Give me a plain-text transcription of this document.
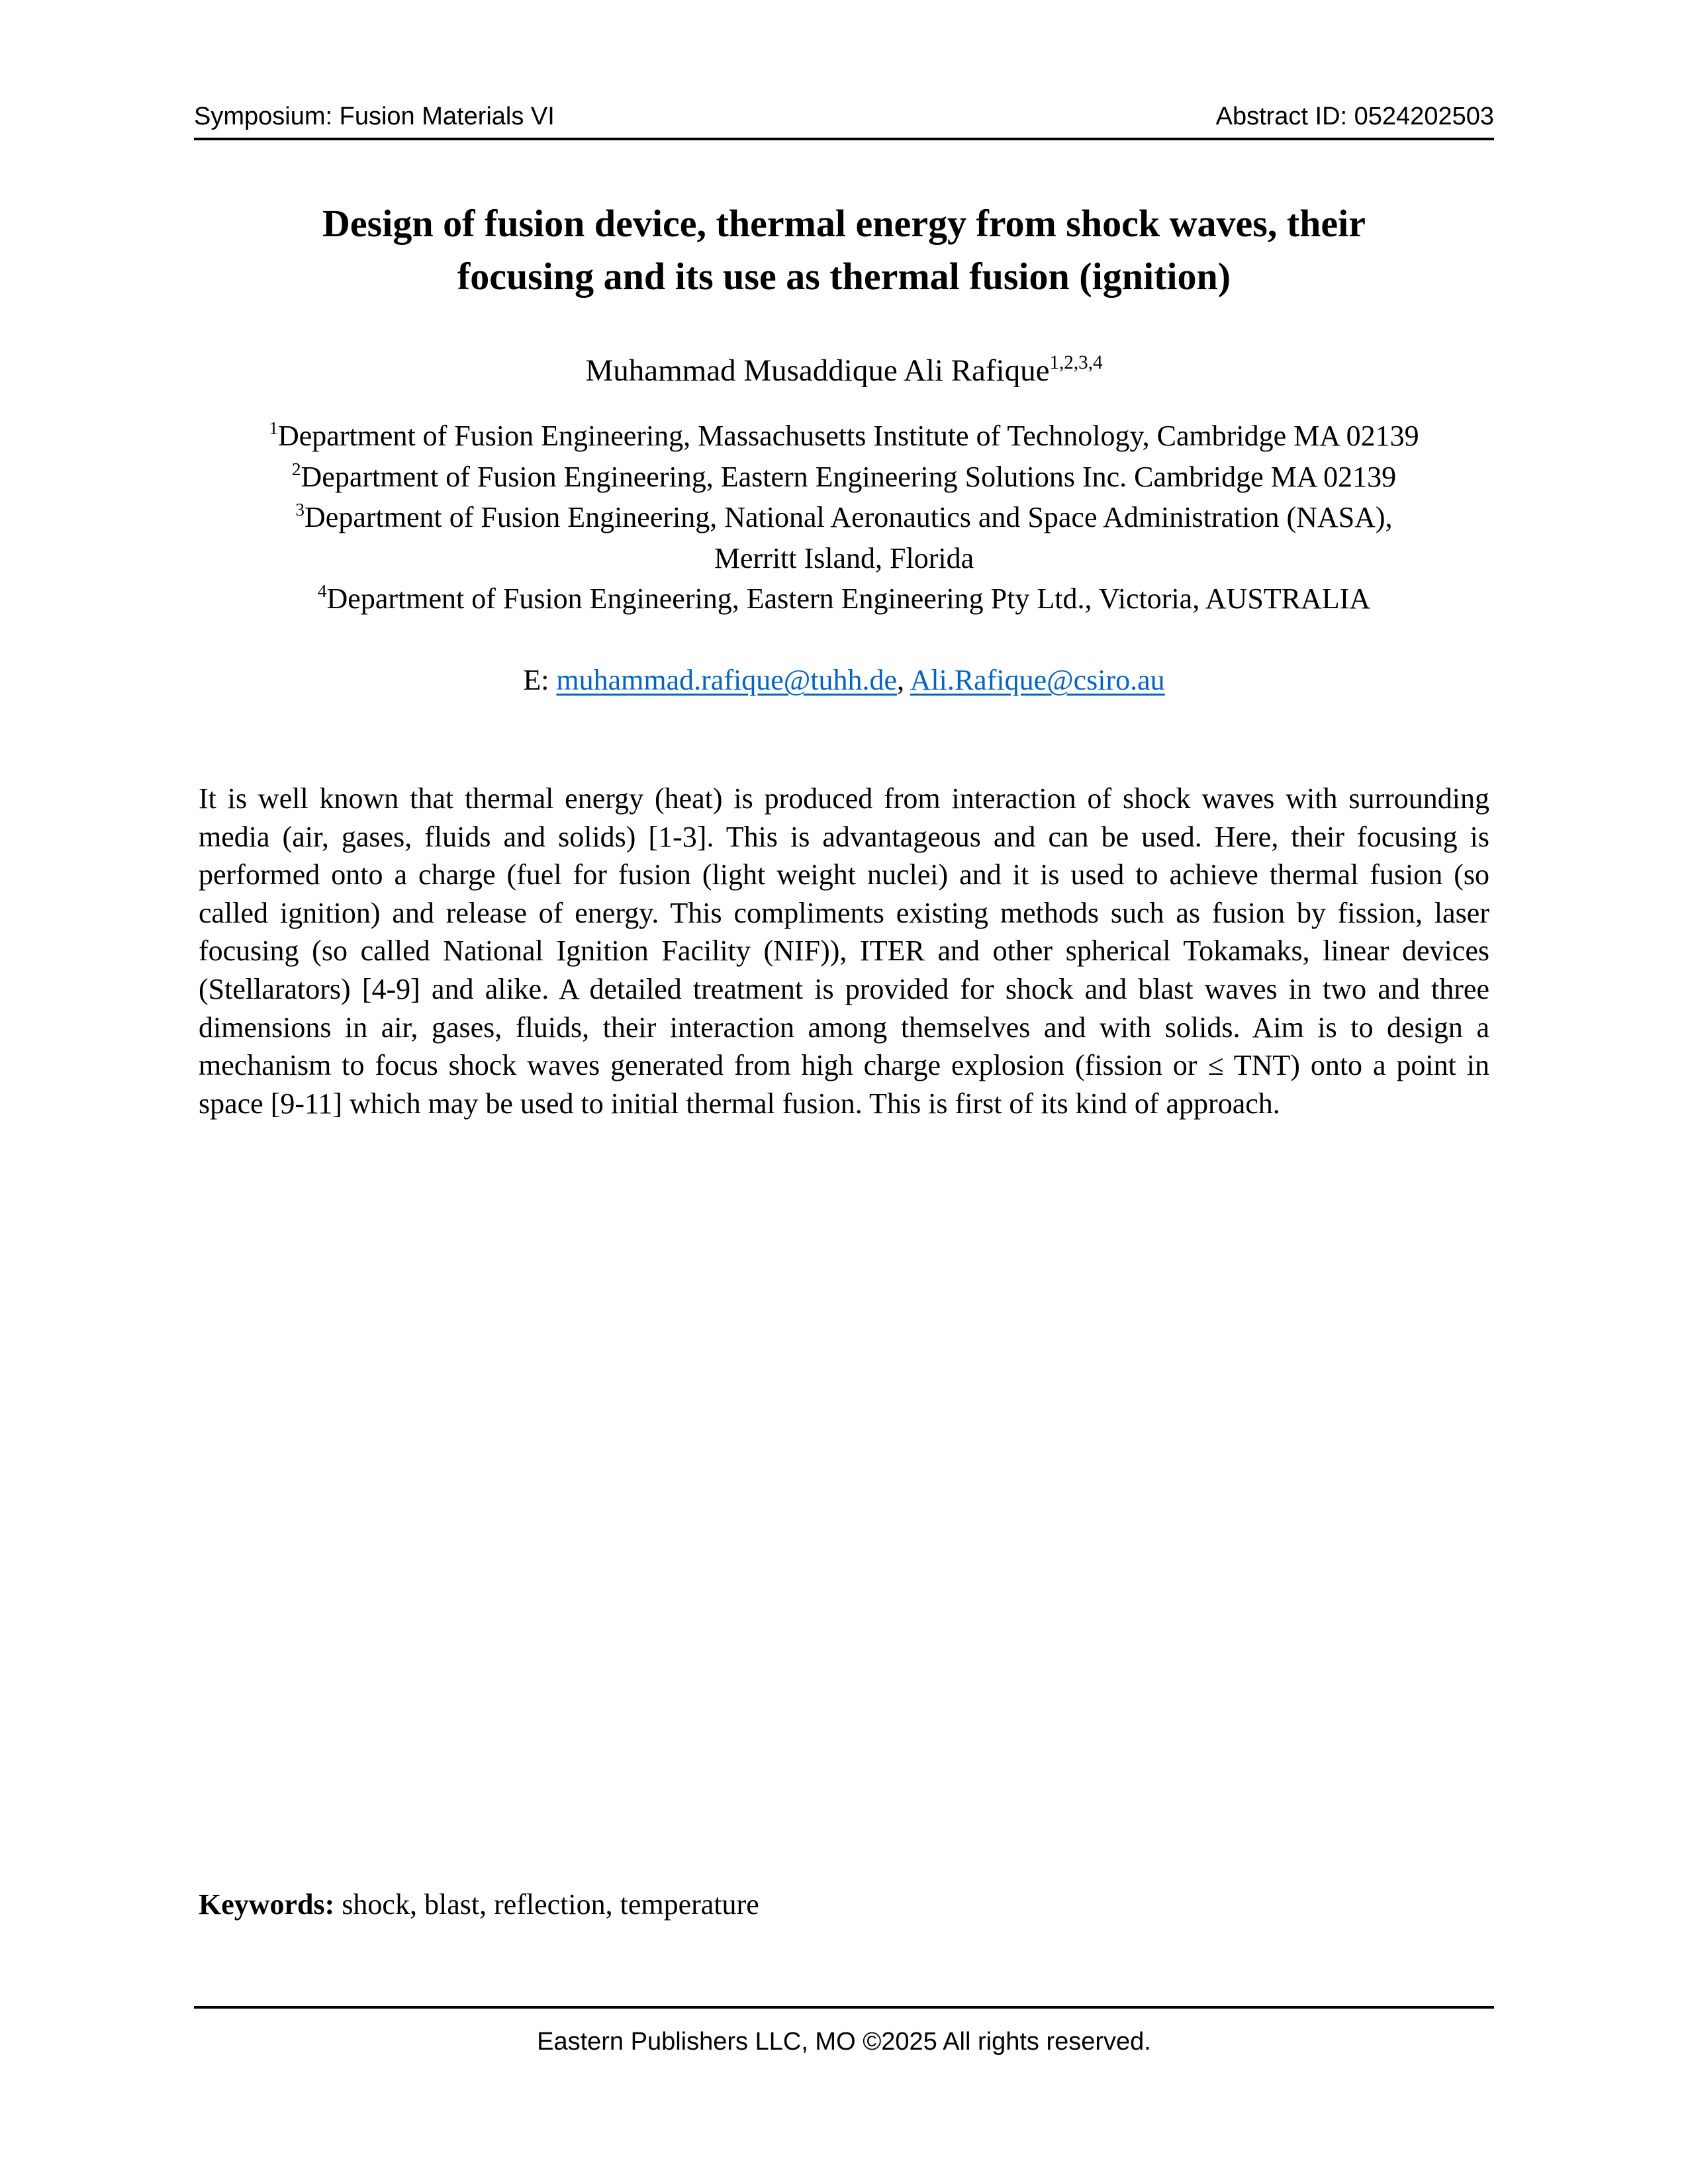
Symposium: Fusion Materials VI	Abstract ID: 0524202503
Design of fusion device, thermal energy from shock waves, their
focusing and its use as thermal fusion (ignition)
Muhammad Musaddique Ali Rafique$^{1,2,3,4}$
$^1$Department of Fusion Engineering, Massachusetts Institute of Technology, Cambridge MA 02139
$^2$Department of Fusion Engineering, Eastern Engineering Solutions Inc. Cambridge MA 02139
$^3$Department of Fusion Engineering, National Aeronautics and Space Administration (NASA),
Merritt Island, Florida
$^4$Department of Fusion Engineering, Eastern Engineering Pty Ltd., Victoria, AUSTRALIA
E: muhammad.rafique@tuhh.de, Ali.Rafique@csiro.au

It is well known that thermal energy (heat) is produced from interaction of shock waves with surrounding media (air, gases, fluids and solids) [1-3]. This is advantageous and can be used. Here, their focusing is performed onto a charge (fuel for fusion (light weight nuclei) and it is used to achieve thermal fusion (so called ignition) and release of energy. This compliments existing methods such as fusion by fission, laser focusing (so called National Ignition Facility (NIF)), ITER and other spherical Tokamaks, linear devices (Stellarators) [4-9] and alike. A detailed treatment is provided for shock and blast waves in two and three dimensions in air, gases, fluids, their interaction among themselves and with solids. Aim is to design a mechanism to focus shock waves generated from high charge explosion (fission or ≤ TNT) onto a point in space [9-11] which may be used to initial thermal fusion. This is first of its kind of approach.

Keywords: shock, blast, reflection, temperature
Eastern Publishers LLC, MO ©2025 All rights reserved.
